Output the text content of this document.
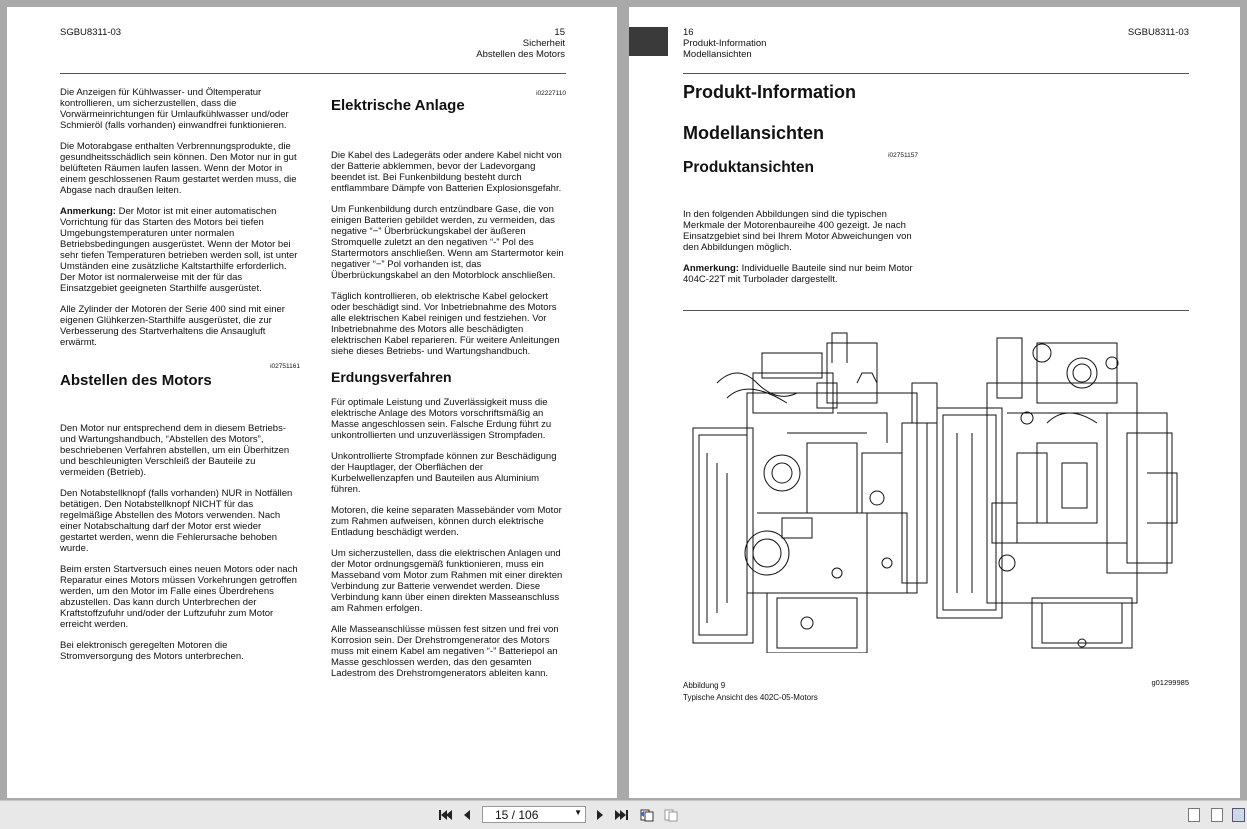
SGBU8311-03	15
Sicherheit
Abstellen des Motors

Die Anzeigen für Kühlwasser- und Öltemperatur kontrollieren, um sicherzustellen, dass die Vorwärmeinrichtungen für Umlaufkühlwasser und/oder Schmieröl (falls vorhanden) einwandfrei funktionieren.

Die Motorabgase enthalten Verbrennungsprodukte, die gesundheitsschädlich sein können. Den Motor nur in gut belüfteten Räumen laufen lassen. Wenn der Motor in einem geschlossenen Raum gestartet werden muss, die Abgase nach draußen leiten.

Anmerkung: Der Motor ist mit einer automatischen Vorrichtung für das Starten des Motors bei tiefen Umgebungstemperaturen unter normalen Betriebsbedingungen ausgerüstet. Wenn der Motor bei sehr tiefen Temperaturen betrieben werden soll, ist unter Umständen eine zusätzliche Kaltstarthilfe erforderlich. Der Motor ist normalerweise mit der für das Einsatzgebiet geeigneten Starthilfe ausgerüstet.

Alle Zylinder der Motoren der Serie 400 sind mit einer eigenen Glühkerzen-Starthilfe ausgerüstet, die zur Verbesserung des Startverhaltens die Ansaugluft erwärmt.

i02751161
Abstellen des Motors

Den Motor nur entsprechend dem in diesem Betriebs- und Wartungshandbuch, “Abstellen des Motors”, beschriebenen Verfahren abstellen, um ein Überhitzen und beschleunigten Verschleiß der Bauteile zu vermeiden (Betrieb).

Den Notabstellknopf (falls vorhanden) NUR in Notfällen betätigen. Den Notabstellknopf NICHT für das regelmäßige Abstellen des Motors verwenden. Nach einer Notabschaltung darf der Motor erst wieder gestartet werden, wenn die Fehlerursache behoben wurde.

Beim ersten Startversuch eines neuen Motors oder nach Reparatur eines Motors müssen Vorkehrungen getroffen werden, um den Motor im Falle eines Überdrehens abzustellen. Das kann durch Unterbrechen der Kraftstoffzufuhr und/oder der Luftzufuhr zum Motor erreicht werden.

Bei elektronisch geregelten Motoren die Stromversorgung des Motors unterbrechen.

i02227110
Elektrische Anlage

Die Kabel des Ladegeräts oder andere Kabel nicht von der Batterie abklemmen, bevor der Ladevorgang beendet ist. Bei Funkenbildung besteht durch entflammbare Dämpfe von Batterien Explosionsgefahr.

Um Funkenbildung durch entzündbare Gase, die von einigen Batterien gebildet werden, zu vermeiden, das negative “−” Überbrückungskabel der äußeren Stromquelle zuletzt an den negativen “-” Pol des Startermotors anschließen. Wenn am Startermotor kein negativer “−” Pol vorhanden ist, das Überbrückungskabel an den Motorblock anschließen.

Täglich kontrollieren, ob elektrische Kabel gelockert oder beschädigt sind. Vor Inbetriebnahme des Motors alle elektrischen Kabel reinigen und festziehen. Vor Inbetriebnahme des Motors alle beschädigten elektrischen Kabel reparieren. Für weitere Anleitungen siehe dieses Betriebs- und Wartungshandbuch.

Erdungsverfahren

Für optimale Leistung und Zuverlässigkeit muss die elektrische Anlage des Motors vorschriftsmäßig an Masse angeschlossen sein. Falsche Erdung führt zu unkontrollierten und unzuverlässigen Strompfaden.

Unkontrollierte Strompfade können zur Beschädigung der Hauptlager, der Oberflächen der Kurbelwellenzapfen und Bauteilen aus Aluminium führen.

Motoren, die keine separaten Massebänder vom Motor zum Rahmen aufweisen, können durch elektrische Entladung beschädigt werden.

Um sicherzustellen, dass die elektrischen Anlagen und der Motor ordnungsgemäß funktionieren, muss ein Masseband vom Motor zum Rahmen mit einer direkten Verbindung zur Batterie verwendet werden. Diese Verbindung kann über einen direkten Masseanschluss am Rahmen erfolgen.

Alle Masseanschlüsse müssen fest sitzen und frei von Korrosion sein. Der Drehstromgenerator des Motors muss mit einem Kabel am negativen “-” Batteriepol an Masse geschlossen werden, das den gesamten Ladestrom des Drehstromgenerators ableiten kann.

16
Produkt-Information
Modellansichten
SGBU8311-03
Produkt-Information
Modellansichten
i02751157
Produktansichten

In den folgenden Abbildungen sind die typischen Merkmale der Motorenbaureihe 400 gezeigt. Je nach Einsatzgebiet sind bei Ihrem Motor Abweichungen von den Abbildungen möglich.

Anmerkung: Individuelle Bauteile sind nur beim Motor 404C-22T mit Turbolader dargestellt.

Abbildung 9	g01299985
Typische Ansicht des 402C-05-Motors
15 / 106	▼
